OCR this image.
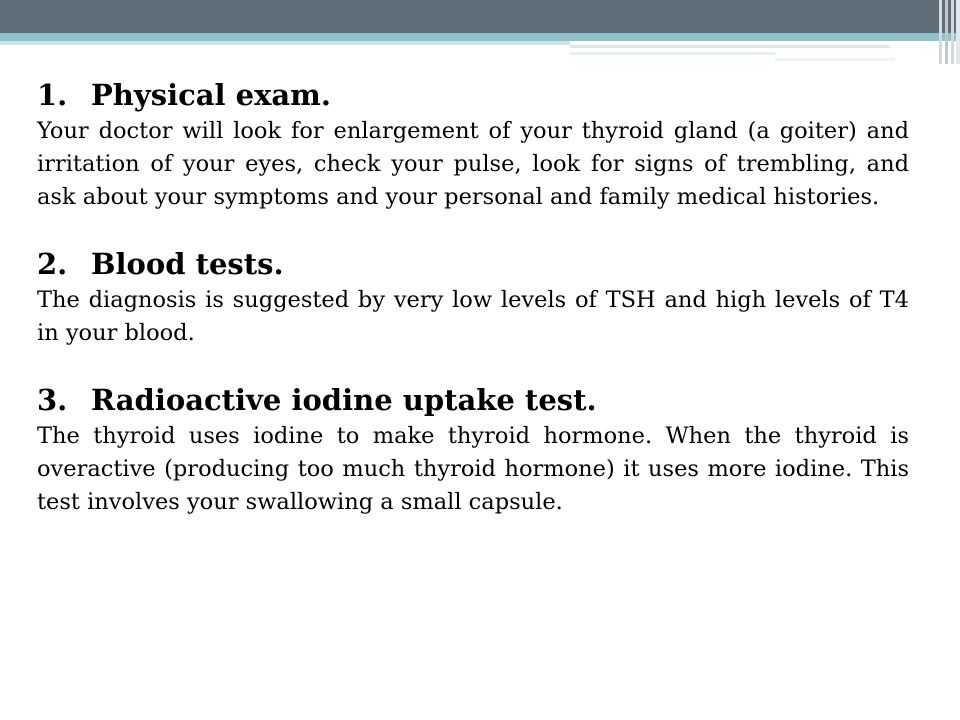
1. Physical exam.

Your doctor will look for enlargement of your thyroid gland (a goiter) and irritation of your eyes, check your pulse, look for signs of trembling, and ask about your symptoms and your personal and family medical histories.

2. Blood tests.

The diagnosis is suggested by very low levels of TSH and high levels of T4 in your blood.

3. Radioactive iodine uptake test.

The thyroid uses iodine to make thyroid hormone. When the thyroid is overactive (producing too much thyroid hormone) it uses more iodine. This test involves your swallowing a small capsule.
